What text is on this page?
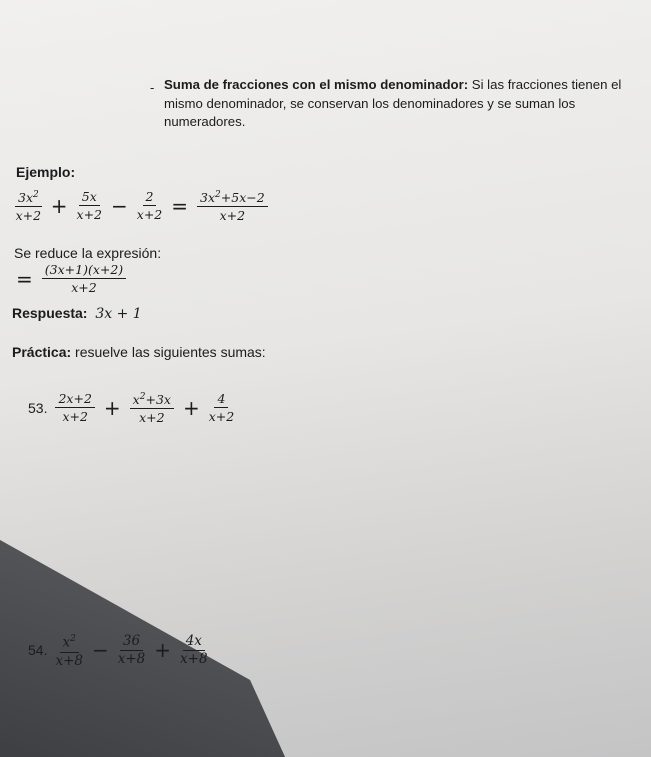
- Suma de fracciones con el mismo denominador: Si las fracciones tienen el mismo denominador, se conservan los denominadores y se suman los numeradores.
Ejemplo:
$\frac{3x^2}{x+2} + \frac{5x}{x+2} - \frac{2}{x+2} = \frac{3x^2+5x-2}{x+2}$
Se reduce la expresión:
= $\frac{(3x+1)(x+2)}{x+2}$
Respuesta: 3x + 1
Práctica: resuelve las siguientes sumas:
53. $\frac{2x+2}{x+2} + \frac{x^2+3x}{x+2} + \frac{4}{x+2}$
54. $\frac{x^2}{x+8} - \frac{36}{x+8} + \frac{4x}{x+8}$
